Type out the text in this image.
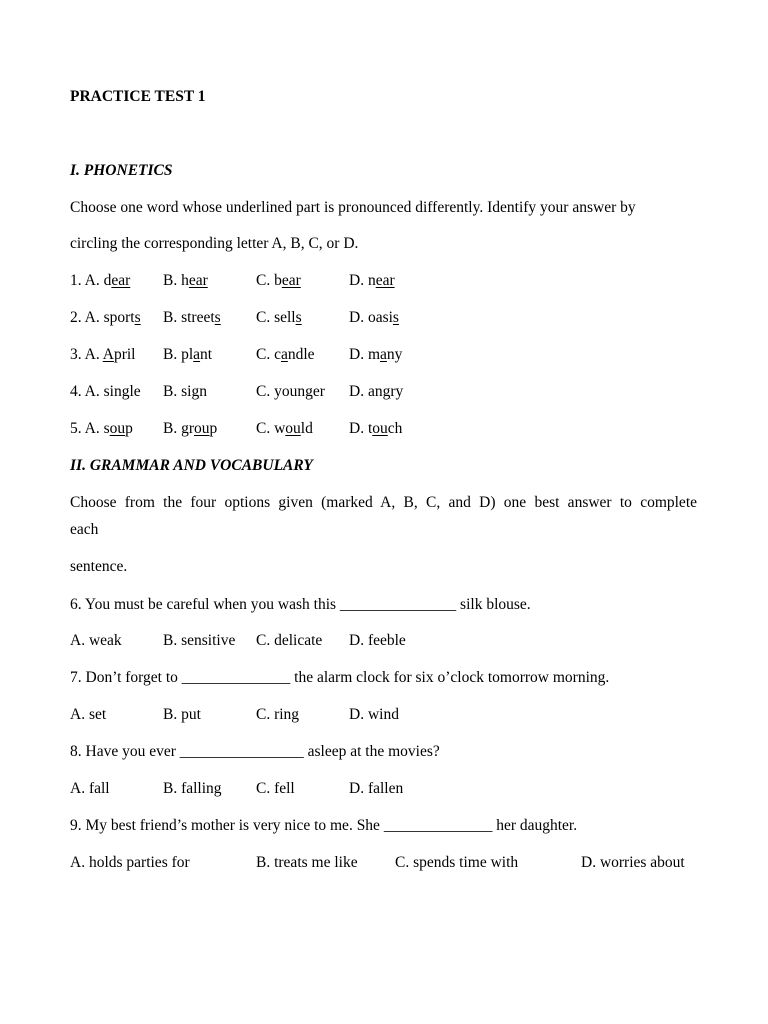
PRACTICE TEST 1
I. PHONETICS
Choose one word whose underlined part is pronounced differently. Identify your answer by
circling the corresponding letter A, B, C, or D.
1. A. dear B. hear	C. bear	D. near
2. A. sports B. streets C. sells	D. oasis
3. A. April B. plant	C. candle D. many
4. A. single B. sign	C. younger D. angry
5. A. soup B. group C. would D. touch
II. GRAMMAR AND VOCABULARY
Choose from the four options given (marked A, B, C, and D) one best answer to complete
each
sentence.
6. You must be careful when you wash this _______________ silk blouse.
A. weak	B. sensitive C. delicate D. feeble
7. Don’t forget to ______________ the alarm clock for six o’clock tomorrow morning.
A. set	B. put	C. ring	D. wind
8. Have you ever ________________ asleep at the movies?
A. fall	B. falling C. fell	D. fallen
9. My best friend’s mother is very nice to me. She ______________ her daughter.
A. holds parties for	B. treats me like C. spends time with	D. worries about
